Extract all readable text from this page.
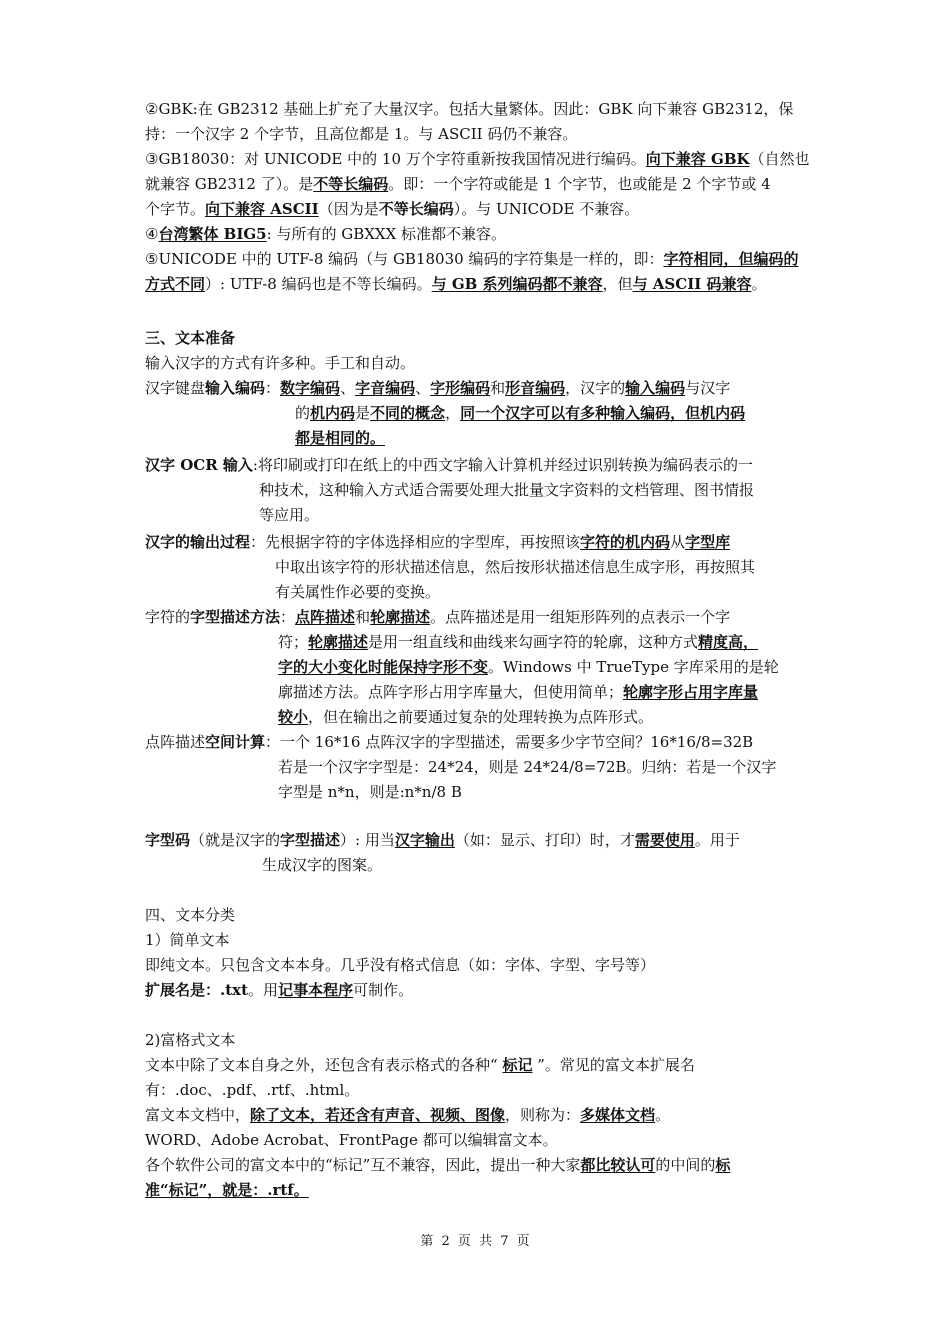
②GBK:在 GB2312 基础上扩充了大量汉字。包括大量繁体。因此：GBK 向下兼容 GB2312，保
持：一个汉字 2 个字节，且高位都是 1。与 ASCII 码仍不兼容。
③GB18030：对 UNICODE 中的 10 万个字符重新按我国情况进行编码。向下兼容 GBK（自然也
就兼容 GB2312 了）。是不等长编码。即：一个字符或能是 1 个字节，也或能是 2 个字节或 4
个字节。向下兼容 ASCII（因为是不等长编码）。与 UNICODE 不兼容。
④台湾繁体 BIG5: 与所有的 GBXXX 标准都不兼容。
⑤UNICODE 中的 UTF-8 编码（与 GB18030 编码的字符集是一样的，即：字符相同，但编码的
方式不同）: UTF-8 编码也是不等长编码。与 GB 系列编码都不兼容，但与 ASCII 码兼容。
三、文本准备
输入汉字的方式有许多种。手工和自动。
汉字键盘输入编码：数字编码、字音编码、字形编码和形音编码，汉字的输入编码与汉字
的机内码是不同的概念，同一个汉字可以有多种输入编码，但机内码
都是相同的。
汉字 OCR 输入:将印刷或打印在纸上的中西文字输入计算机并经过识别转换为编码表示的一
种技术，这种输入方式适合需要处理大批量文字资料的文档管理、图书情报
等应用。
汉字的输出过程：先根据字符的字体选择相应的字型库，再按照该字符的机内码从字型库
中取出该字符的形状描述信息，然后按形状描述信息生成字形，再按照其
有关属性作必要的变换。
字符的字型描述方法：点阵描述和轮廓描述。点阵描述是用一组矩形阵列的点表示一个字
符；轮廓描述是用一组直线和曲线来勾画字符的轮廓，这种方式精度高，
字的大小变化时能保持字形不变。Windows 中 TrueType 字库采用的是轮
廓描述方法。点阵字形占用字库量大，但使用简单；轮廓字形占用字库量
较小，但在输出之前要通过复杂的处理转换为点阵形式。
点阵描述空间计算：一个 16*16 点阵汉字的字型描述，需要多少字节空间？16*16/8=32B
若是一个汉字字型是：24*24，则是 24*24/8=72B。归纳：若是一个汉字
字型是 n*n，则是:n*n/8 B
字型码（就是汉字的字型描述）: 用当汉字输出（如：显示、打印）时，才需要使用。用于
生成汉字的图案。
四、文本分类
1）简单文本
即纯文本。只包含文本本身。几乎没有格式信息（如：字体、字型、字号等）
扩展名是：.txt。用记事本程序可制作。
2)富格式文本
文本中除了文本自身之外，还包含有表示格式的各种“ 标记 ”。常见的富文本扩展名
有：.doc、.pdf、.rtf、.html。
富文本文档中，除了文本，若还含有声音、视频、图像，则称为：多媒体文档。
WORD、Adobe Acrobat、FrontPage 都可以编辑富文本。
各个软件公司的富文本中的“标记”互不兼容，因此，提出一种大家都比较认可的中间的标
准“标记”，就是：.rtf。
第 2 页 共 7 页
